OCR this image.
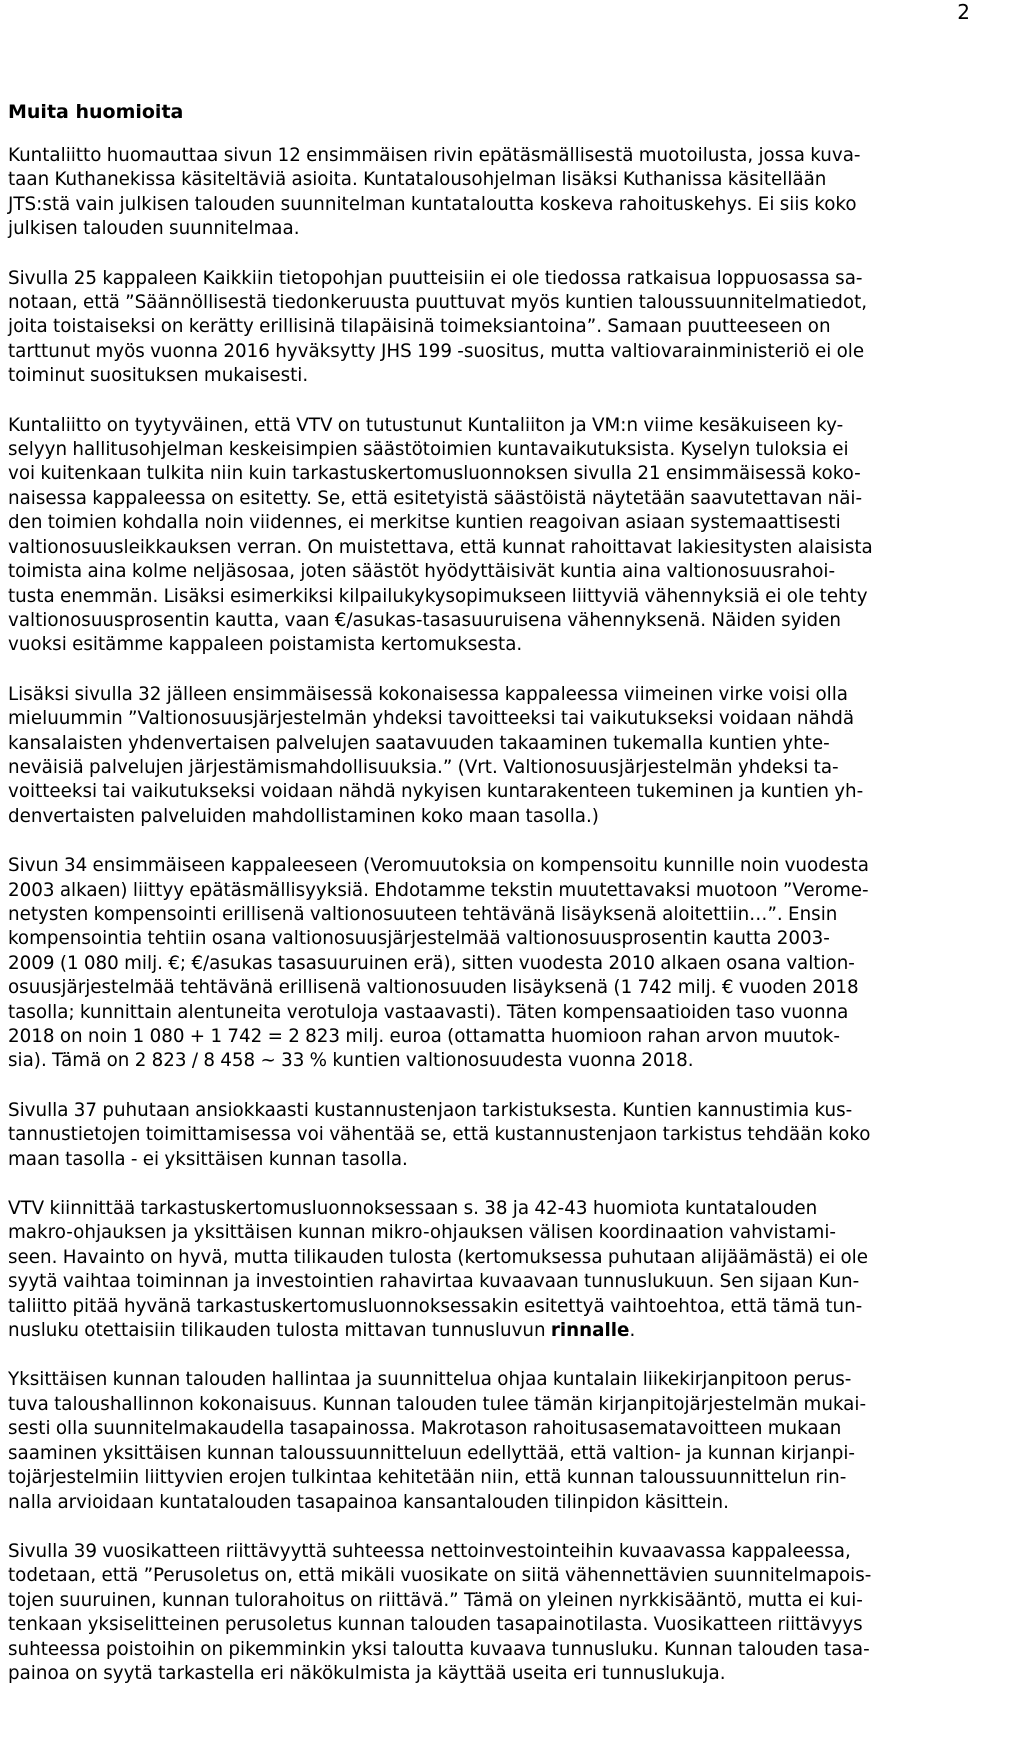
2
Muita huomioita
Kuntaliitto huomauttaa sivun 12 ensimmäisen rivin epätäsmällisestä muotoilusta, jossa kuva-
taan Kuthanekissa käsiteltäviä asioita. Kuntatalousohjelman lisäksi Kuthanissa käsitellään
JTS:stä vain julkisen talouden suunnitelman kuntataloutta koskeva rahoituskehys. Ei siis koko
julkisen talouden suunnitelmaa.
Sivulla 25 kappaleen Kaikkiin tietopohjan puutteisiin ei ole tiedossa ratkaisua loppuosassa sa-
notaan, että ”Säännöllisestä tiedonkeruusta puuttuvat myös kuntien taloussuunnitelmatiedot,
joita toistaiseksi on kerätty erillisinä tilapäisinä toimeksiantoina”. Samaan puutteeseen on
tarttunut myös vuonna 2016 hyväksytty JHS 199 -suositus, mutta valtiovarainministeriö ei ole
toiminut suosituksen mukaisesti.
Kuntaliitto on tyytyväinen, että VTV on tutustunut Kuntaliiton ja VM:n viime kesäkuiseen ky-
selyyn hallitusohjelman keskeisimpien säästötoimien kuntavaikutuksista. Kyselyn tuloksia ei
voi kuitenkaan tulkita niin kuin tarkastuskertomusluonnoksen sivulla 21 ensimmäisessä koko-
naisessa kappaleessa on esitetty. Se, että esitetyistä säästöistä näytetään saavutettavan näi-
den toimien kohdalla noin viidennes, ei merkitse kuntien reagoivan asiaan systemaattisesti
valtionosuusleikkauksen verran. On muistettava, että kunnat rahoittavat lakiesitysten alaisista
toimista aina kolme neljäsosaa, joten säästöt hyödyttäisivät kuntia aina valtionosuusrahoi-
tusta enemmän. Lisäksi esimerkiksi kilpailukykysopimukseen liittyviä vähennyksiä ei ole tehty
valtionosuusprosentin kautta, vaan €/asukas-tasasuuruisena vähennyksenä. Näiden syiden
vuoksi esitämme kappaleen poistamista kertomuksesta.
Lisäksi sivulla 32 jälleen ensimmäisessä kokonaisessa kappaleessa viimeinen virke voisi olla
mieluummin ”Valtionosuusjärjestelmän yhdeksi tavoitteeksi tai vaikutukseksi voidaan nähdä
kansalaisten yhdenvertaisen palvelujen saatavuuden takaaminen tukemalla kuntien yhte-
neväisiä palvelujen järjestämismahdollisuuksia.” (Vrt. Valtionosuusjärjestelmän yhdeksi ta-
voitteeksi tai vaikutukseksi voidaan nähdä nykyisen kuntarakenteen tukeminen ja kuntien yh-
denvertaisten palveluiden mahdollistaminen koko maan tasolla.)
Sivun 34 ensimmäiseen kappaleeseen (Veromuutoksia on kompensoitu kunnille noin vuodesta
2003 alkaen) liittyy epätäsmällisyyksiä. Ehdotamme tekstin muutettavaksi muotoon ”Verome-
netysten kompensointi erillisenä valtionosuuteen tehtävänä lisäyksenä aloitettiin…”. Ensin
kompensointia tehtiin osana valtionosuusjärjestelmää valtionosuusprosentin kautta 2003-
2009 (1 080 milj. €; €/asukas tasasuuruinen erä), sitten vuodesta 2010 alkaen osana valtion-
osuusjärjestelmää tehtävänä erillisenä valtionosuuden lisäyksenä (1 742 milj. € vuoden 2018
tasolla; kunnittain alentuneita verotuloja vastaavasti). Täten kompensaatioiden taso vuonna
2018 on noin 1 080 + 1 742 = 2 823 milj. euroa (ottamatta huomioon rahan arvon muutok-
sia). Tämä on 2 823 / 8 458 ~ 33 % kuntien valtionosuudesta vuonna 2018.
Sivulla 37 puhutaan ansiokkaasti kustannustenjaon tarkistuksesta. Kuntien kannustimia kus-
tannustietojen toimittamisessa voi vähentää se, että kustannustenjaon tarkistus tehdään koko
maan tasolla - ei yksittäisen kunnan tasolla.
VTV kiinnittää tarkastuskertomusluonnoksessaan s. 38 ja 42-43 huomiota kuntatalouden
makro-ohjauksen ja yksittäisen kunnan mikro-ohjauksen välisen koordinaation vahvistami-
seen. Havainto on hyvä, mutta tilikauden tulosta (kertomuksessa puhutaan alijäämästä) ei ole
syytä vaihtaa toiminnan ja investointien rahavirtaa kuvaavaan tunnuslukuun. Sen sijaan Kun-
taliitto pitää hyvänä tarkastuskertomusluonnoksessakin esitettyä vaihtoehtoa, että tämä tun-
nusluku otettaisiin tilikauden tulosta mittavan tunnusluvun rinnalle.
Yksittäisen kunnan talouden hallintaa ja suunnittelua ohjaa kuntalain liikekirjanpitoon perus-
tuva taloushallinnon kokonaisuus. Kunnan talouden tulee tämän kirjanpitojärjestelmän mukai-
sesti olla suunnitelmakaudella tasapainossa. Makrotason rahoitusasematavoitteen mukaan
saaminen yksittäisen kunnan taloussuunnitteluun edellyttää, että valtion- ja kunnan kirjanpi-
tojärjestelmiin liittyvien erojen tulkintaa kehitetään niin, että kunnan taloussuunnittelun rin-
nalla arvioidaan kuntatalouden tasapainoa kansantalouden tilinpidon käsittein.
Sivulla 39 vuosikatteen riittävyyttä suhteessa nettoinvestointeihin kuvaavassa kappaleessa,
todetaan, että ”Perusoletus on, että mikäli vuosikate on siitä vähennettävien suunnitelmapois-
tojen suuruinen, kunnan tulorahoitus on riittävä.” Tämä on yleinen nyrkkisääntö, mutta ei kui-
tenkaan yksiselitteinen perusoletus kunnan talouden tasapainotilasta. Vuosikatteen riittävyys
suhteessa poistoihin on pikemminkin yksi taloutta kuvaava tunnusluku. Kunnan talouden tasa-
painoa on syytä tarkastella eri näkökulmista ja käyttää useita eri tunnuslukuja.
